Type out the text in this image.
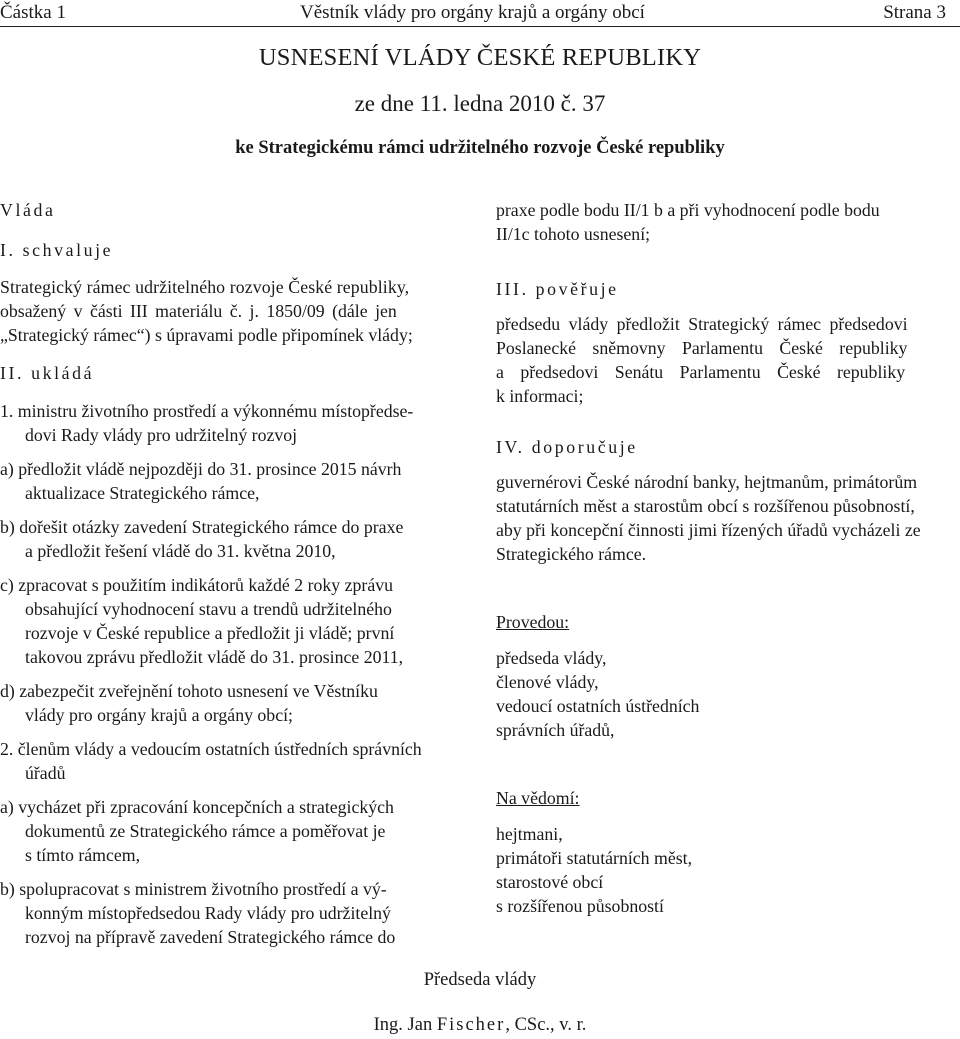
Částka 1	Věstník vlády pro orgány krajů a orgány obcí	Strana 3
USNESENÍ VLÁDY ČESKÉ REPUBLIKY
ze dne 11. ledna 2010 č. 37
ke Strategickému rámci udržitelného rozvoje České republiky

Vláda

I. schvaluje

Strategický rámec udržitelného rozvoje České republiky,

obsažený v části III materiálu č. j. 1850/09 (dále jen

„Strategický rámec“) s úpravami podle připomínek vlády;

II. ukládá

1. ministru životního prostředí a výkonnému místopředse-

dovi Rady vlády pro udržitelný rozvoj

a) předložit vládě nejpozději do 31. prosince 2015 návrh

aktualizace Strategického rámce,

b) dořešit otázky zavedení Strategického rámce do praxe

a předložit řešení vládě do 31. května 2010,

c) zpracovat s použitím indikátorů každé 2 roky zprávu

obsahující vyhodnocení stavu a trendů udržitelného

rozvoje v České republice a předložit ji vládě; první

takovou zprávu předložit vládě do 31. prosince 2011,

d) zabezpečit zveřejnění tohoto usnesení ve Věstníku

vlády pro orgány krajů a orgány obcí;

2. členům vlády a vedoucím ostatních ústředních správních

úřadů

a) vycházet při zpracování koncepčních a strategických

dokumentů ze Strategického rámce a poměřovat je

s tímto rámcem,

b) spolupracovat s ministrem životního prostředí a vý-

konným místopředsedou Rady vlády pro udržitelný

rozvoj na přípravě zavedení Strategického rámce do

praxe podle bodu II/1 b a při vyhodnocení podle bodu

II/1c tohoto usnesení;

III. pověřuje

předsedu vlády předložit Strategický rámec předsedovi

Poslanecké sněmovny Parlamentu České republiky

a předsedovi Senátu Parlamentu České republiky

k informaci;

IV. doporučuje

guvernérovi České národní banky, hejtmanům, primátorům

statutárních měst a starostům obcí s rozšířenou působností,

aby při koncepční činnosti jimi řízených úřadů vycházeli ze

Strategického rámce.

Provedou:

předseda vlády,

členové vlády,

vedoucí ostatních ústředních

správních úřadů,

Na vědomí:

hejtmani,

primátoři statutárních měst,

starostové obcí

s rozšířenou působností

Předseda vlády
Ing. Jan Fischer, CSc., v. r.
